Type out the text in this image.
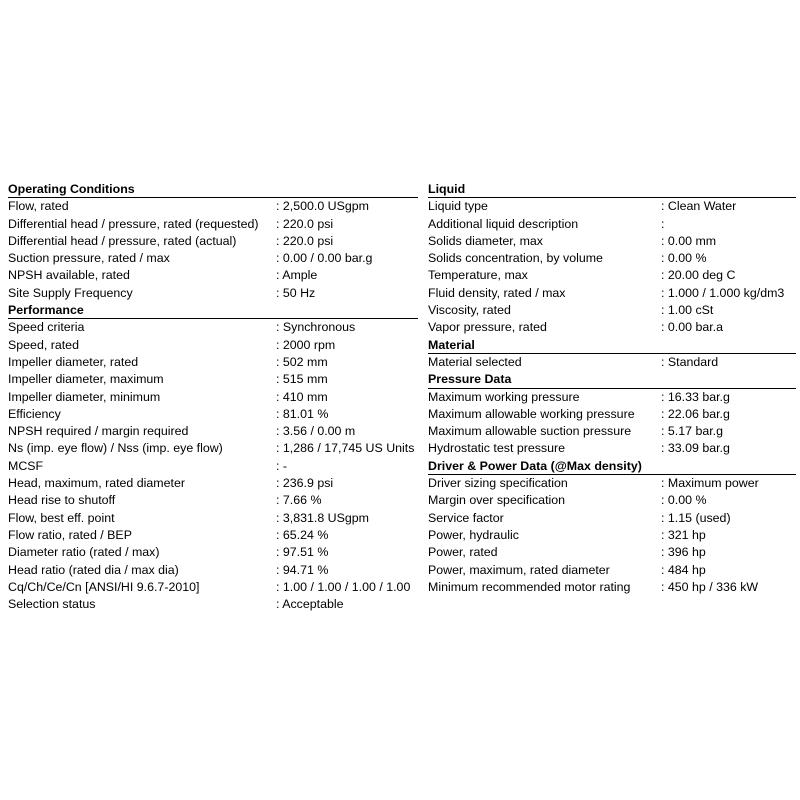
Operating Conditions
Flow, rated	: 2,500.0 USgpm
Differential head / pressure, rated (requested) : 220.0 psi
Differential head / pressure, rated (actual)	: 220.0 psi
Suction pressure, rated / max	: 0.00 / 0.00 bar.g
NPSH available, rated	: Ample
Site Supply Frequency	: 50 Hz
Performance
Speed criteria	: Synchronous
Speed, rated	: 2000 rpm
Impeller diameter, rated	: 502 mm
Impeller diameter, maximum	: 515 mm
Impeller diameter, minimum	: 410 mm
Efficiency	: 81.01 %
NPSH required / margin required	: 3.56 / 0.00 m
Ns (imp. eye flow) / Nss (imp. eye flow)	: 1,286 / 17,745 US Units
MCSF	: -
Head, maximum, rated diameter	: 236.9 psi
Head rise to shutoff	: 7.66 %
Flow, best eff. point	: 3,831.8 USgpm
Flow ratio, rated / BEP	: 65.24 %
Diameter ratio (rated / max)	: 97.51 %
Head ratio (rated dia / max dia)	: 94.71 %
Cq/Ch/Ce/Cn [ANSI/HI 9.6.7-2010]	: 1.00 / 1.00 / 1.00 / 1.00
Selection status	: Acceptable
Liquid
Liquid type	: Clean Water
Additional liquid description	:
Solids diameter, max	: 0.00 mm
Solids concentration, by volume	: 0.00 %
Temperature, max	: 20.00 deg C
Fluid density, rated / max	: 1.000 / 1.000 kg/dm3
Viscosity, rated	: 1.00 cSt
Vapor pressure, rated	: 0.00 bar.a
Material
Material selected	: Standard
Pressure Data
Maximum working pressure	: 16.33 bar.g
Maximum allowable working pressure : 22.06 bar.g
Maximum allowable suction pressure : 5.17 bar.g
Hydrostatic test pressure	: 33.09 bar.g
Driver & Power Data (@Max density)
Driver sizing specification	: Maximum power
Margin over specification	: 0.00 %
Service factor	: 1.15 (used)
Power, hydraulic	: 321 hp
Power, rated	: 396 hp
Power, maximum, rated diameter	: 484 hp
Minimum recommended motor rating : 450 hp / 336 kW
